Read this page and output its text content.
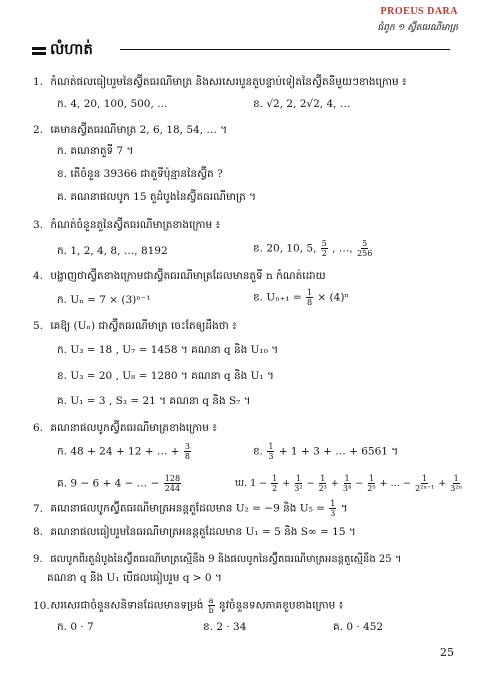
PROEUS DARA
ជំពូក ១ ស្វ៊ីតធរណីមាត្រ
លំហាត់
1. កំណត់ផលធៀបរួមនៃស្វ៊ីតធរណីមាត្រ និងសរសេរបួនតួបន្ទាប់ទៀតនៃស្វ៊ីតនីមួយៗខាងក្រោម ៖
ក. 4, 20, 100, 500, …	ខ. √2, 2, 2√2, 4, …
2. គេមានស្វ៊ីតធរណីមាត្រ 2, 6, 18, 54, … ។
ក. គណនាតួទី 7 ។
ខ. តើចំនួន 39366 ជាតួទីប៉ុន្មាននៃស្វ៊ីត ?
គ. គណនាផលបូក 15 តួដំបូងនៃស្វ៊ីតធរណីមាត្រ ។
3. កំណត់ចំនួនតួនៃស្វ៊ីតធរណីមាត្រខាងក្រោម ៖
ក. 1, 2, 4, 8, …, 8192	ខ. 20, 10, 5, $\frac{5}{2}$ , …, $\frac{5}{256}$
4. បង្ហាញថាស្វ៊ីតខាងក្រោមជាស្វ៊ីតធរណីមាត្រដែលមានតួទី n កំណត់ដោយ
ក. Uₙ = 7 × (3)ⁿ⁻¹	ខ. $U_{n+1} = \frac{1}{8} \times (4)^n$
5. គេឱ្យ (Uₙ) ជាស្វ៊ីតធរណីមាត្រ ចេះតែឲ្យដឹងថា ៖
ក. U₃ = 18 , U₇ = 1458 ។ គណនា q និង U₁₀ ។
ខ. U₃ = 20 , U₈ = 1280 ។ គណនា q និង U₁ ។
គ. U₁ = 3 , S₃ = 21 ។ គណនា q និង S₇ ។
6. គណនាផលបូកស្វ៊ីតធរណីមាត្រខាងក្រោម ៖
ក. 48 + 24 + 12 + … + $\frac{3}{8}$	ខ. $\frac{1}{3} + 1 + 3$ + … + 6561 ។
គ. 9 − 6 + 4 − … − $\frac{128}{244}$	ឃ. $1 - \frac{1}{2} + \frac{1}{\text{3²}} - \frac{1}{\text{2³}} + \frac{1}{\text{3⁴}} - \frac{1}{\text{2⁵}}$ + … − $\frac{1}{\text{2²ⁿ⁻¹}} + \frac{1}{\text{3²ⁿ}}$
7. គណនាផលបូកស្វ៊ីតធរណីមាត្រអនន្តតួដែលមាន U₂ = −9 និង $U_5 = \frac{1}{3}$ ។
8. គណនាផលធៀបរួមនៃធរណីមាត្រអនន្តតួដែលមាន U₁ = 5 និង S∞ = 15 ។
9. ផលបូកពីរតួដំបូងនៃស្វ៊ីតធរណីមាត្រស្មើនឹង 9 និងផលបូកនៃស្វ៊ីតធរណីមាត្រអនន្តតួស្មើនឹង 25 ។
គណនា q និង U₁ បើផលធៀបរួម q > 0 ។
10. សរសេរជាចំនួនសនិទានដែលមានទម្រង់ $\frac{a}{b}$ នូវចំនួនទសភាគខួបខាងក្រោម ៖
ក. 0 · 7	ខ. 2 · 34	គ. 0 · 452
25
